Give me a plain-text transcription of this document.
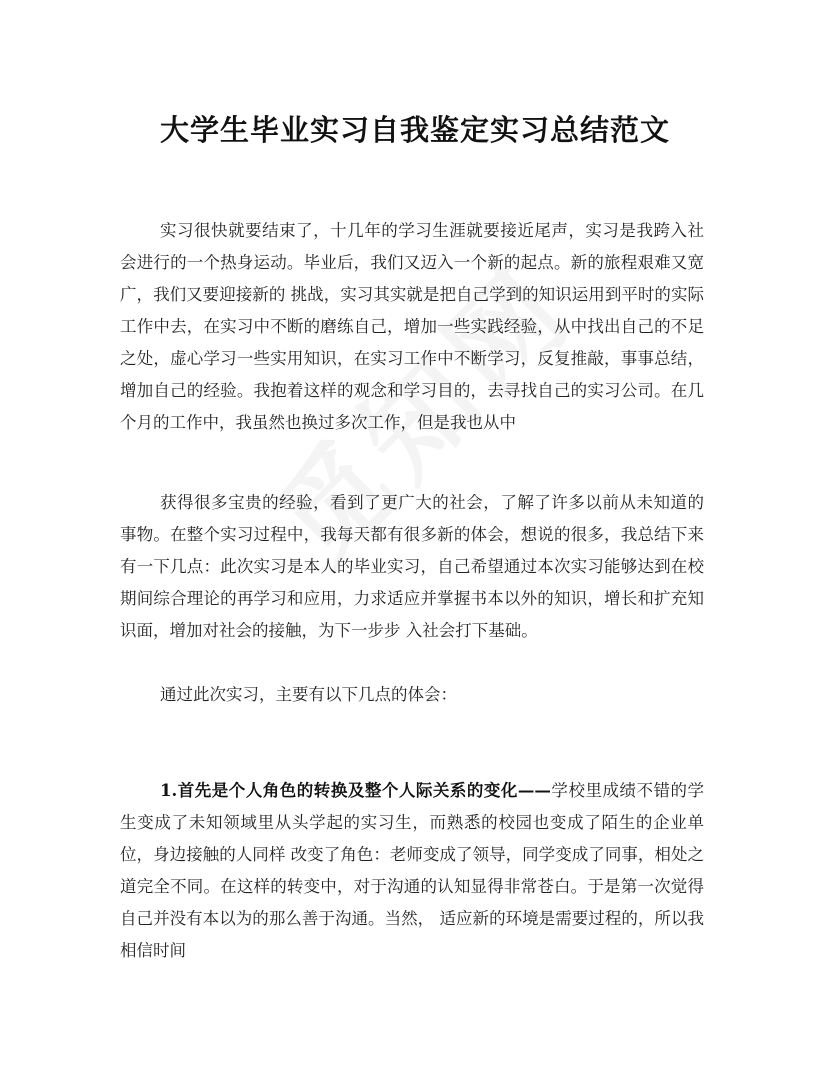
大学生毕业实习自我鉴定实习总结范文

实习很快就要结束了，十几年的学习生涯就要接近尾声，实习是我跨入社会进行的一个热身运动。毕业后，我们又迈入一个新的起点。新的旅程艰难又宽广，我们又要迎接新的 挑战，实习其实就是把自己学到的知识运用到平时的实际工作中去，在实习中不断的磨练自己，增加一些实践经验，从中找出自己的不足之处，虚心学习一些实用知识，在实习工作中不断学习，反复推敲，事事总结，增加自己的经验。我抱着这样的观念和学习目的，去寻找自己的实习公司。在几个月的工作中，我虽然也换过多次工作，但是我也从中

获得很多宝贵的经验，看到了更广大的社会，了解了许多以前从未知道的事物。在整个实习过程中，我每天都有很多新的体会，想说的很多，我总结下来有一下几点：此次实习是本人的毕业实习，自己希望通过本次实习能够达到在校期间综合理论的再学习和应用，力求适应并掌握书本以外的知识，增长和扩充知识面，增加对社会的接触，为下一步步 入社会打下基础。

通过此次实习，主要有以下几点的体会：

1.首先是个人角色的转换及整个人际关系的变化——学校里成绩不错的学生变成了未知领域里从头学起的实习生，而熟悉的校园也变成了陌生的企业单位，身边接触的人同样 改变了角色：老师变成了领导，同学变成了同事，相处之道完全不同。在这样的转变中，对于沟通的认知显得非常苍白。于是第一次觉得自己并没有本以为的那么善于沟通。当然， 适应新的环境是需要过程的，所以我相信时间
